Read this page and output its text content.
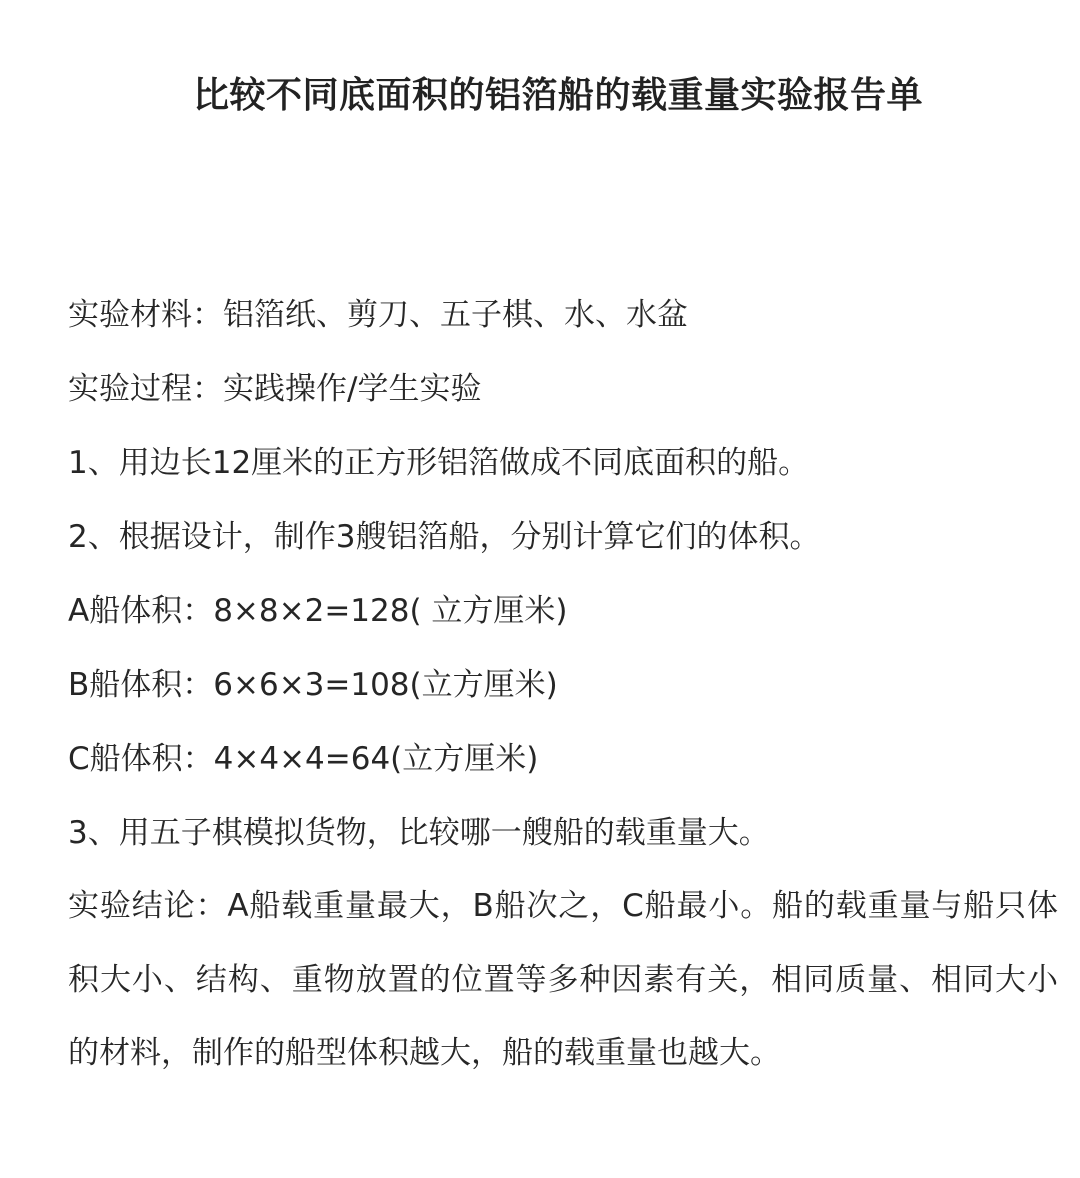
比较不同底面积的铝箔船的载重量实验报告单
实验材料：铝箔纸、剪刀、五子棋、水、水盆
实验过程：实践操作/学生实验
1、用边长12厘米的正方形铝箔做成不同底面积的船。
2、根据设计，制作3艘铝箔船，分别计算它们的体积。
A船体积：8×8×2=128( 立方厘米)
B船体积：6×6×3=108(立方厘米)
C船体积：4×4×4=64(立方厘米)
3、用五子棋模拟货物，比较哪一艘船的载重量大。
实验结论：A船载重量最大，B船次之，C船最小。船的载重量与船只体积大小、结构、重物放置的位置等多种因素有关，相同质量、相同大小的材料，制作的船型体积越大，船的载重量也越大。
